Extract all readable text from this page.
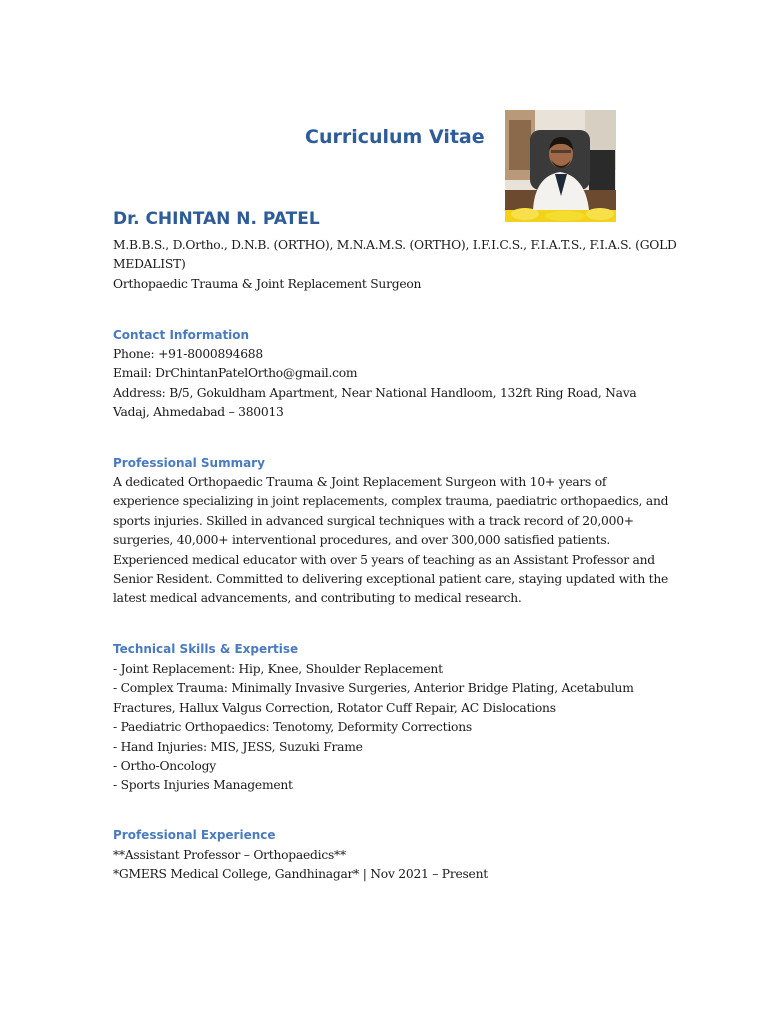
Curriculum Vitae
Dr. CHINTAN N. PATEL
M.B.B.S., D.Ortho., D.N.B. (ORTHO), M.N.A.M.S. (ORTHO), I.F.I.C.S., F.I.A.T.S., F.I.A.S. (GOLD
MEDALIST)
Orthopaedic Trauma & Joint Replacement Surgeon
Contact Information
Phone: +91-8000894688
Email: DrChintanPatelOrtho@gmail.com
Address: B/5, Gokuldham Apartment, Near National Handloom, 132ft Ring Road, Nava
Vadaj, Ahmedabad – 380013
Professional Summary
A dedicated Orthopaedic Trauma & Joint Replacement Surgeon with 10+ years of
experience specializing in joint replacements, complex trauma, paediatric orthopaedics, and
sports injuries. Skilled in advanced surgical techniques with a track record of 20,000+
surgeries, 40,000+ interventional procedures, and over 300,000 satisfied patients.
Experienced medical educator with over 5 years of teaching as an Assistant Professor and
Senior Resident. Committed to delivering exceptional patient care, staying updated with the
latest medical advancements, and contributing to medical research.
Technical Skills & Expertise
- Joint Replacement: Hip, Knee, Shoulder Replacement
- Complex Trauma: Minimally Invasive Surgeries, Anterior Bridge Plating, Acetabulum
Fractures, Hallux Valgus Correction, Rotator Cuff Repair, AC Dislocations
- Paediatric Orthopaedics: Tenotomy, Deformity Corrections
- Hand Injuries: MIS, JESS, Suzuki Frame
- Ortho-Oncology
- Sports Injuries Management
Professional Experience
**Assistant Professor – Orthopaedics**
*GMERS Medical College, Gandhinagar* | Nov 2021 – Present
